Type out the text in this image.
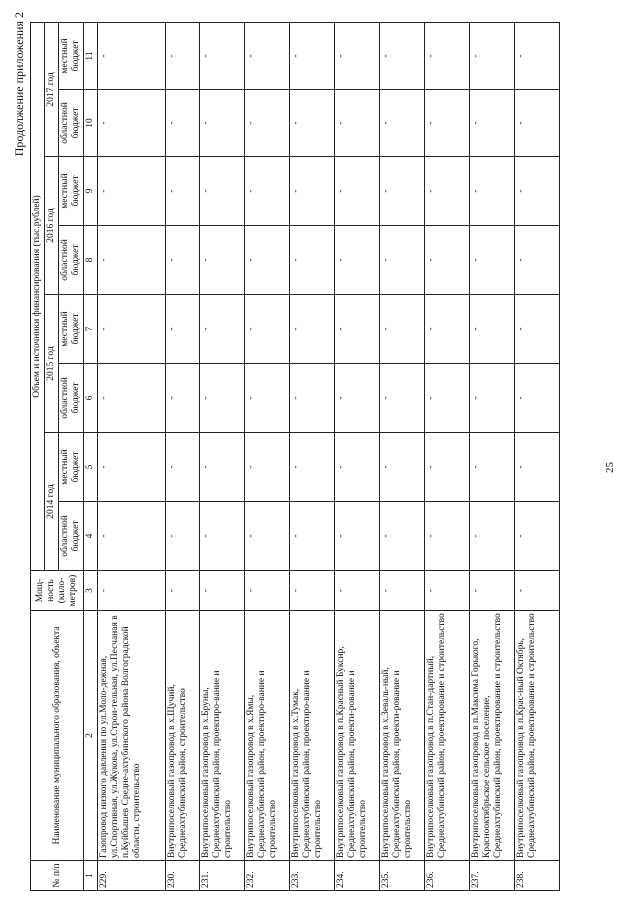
25
Продолжение приложения 2
№ п/п	Наименование муниципального образования, объекта	Мощ-ность (кило-метров)	Объем и источники финансирования (тыс.рублей)							
			2014 год		2015 год		2016 год		2017 год	
			областной бюджет	местный бюджет	областной бюджет	местный бюджет	областной бюджет	местный бюджет	областной бюджет	местный бюджет
1	2	3	4	5	6	7	8	9	10	11
229.	Газопровод низкого давления по ул.Моло-дежная, ул.Спортивная, ул.Жукова, ул.Строи-тельная, ул.Песчаная в п.Куйбышев Средне-ахтубинского района Волгоградской области, строительство	-	-	-	-	-	-	-	-	-
230.	Внутрипоселковый газопровод в х.Щучий, Среднеахтубинский район, строительство	-	-	-	-	-	-	-	-	-
231.	Внутрипоселковый газопровод в х.Бруны, Среднеахтубинский район, проектиро-вание и строительство	-	-	-	-	-	-	-	-	-
232.	Внутрипоселковый газопровод в х.Ямы, Среднеахтубинский район, проектиро-вание и строительство	-	-	-	-	-	-	-	-	-
233.	Внутрипоселковый газопровод в х.Тумак, Среднеахтубинский район, проектиро-вание и строительство	-	-	-	-	-	-	-	-	-
234.	Внутрипоселковый газопровод в п.Красный Буксир, Среднеахтубинский район, проекти-рование и строительство	-	-	-	-	-	-	-	-	-
235.	Внутрипоселковый газопровод в х.Зеваль-ный, Среднеахтубинский район, проекти-рование и строительство	-	-	-	-	-	-	-	-	-
236.	Внутрипоселковый газопровод в п.Стан-дартный, Среднеахтубинский район, проектирование и строительство	-	-	-	-	-	-	-	-	-
237.	Внутрипоселковый газопровод в п.Максима Горького, Краснооктябрьское сельское поселение, Среднеахтубинский район, проектирование и строительство	-	-	-	-	-	-	-	-	-
238.	Внутрипоселковый газопровод в п.Крас-ный Октябрь, Среднеахтубинский район, проектирование и строительство	-	-	-	-	-	-	-	-	-
